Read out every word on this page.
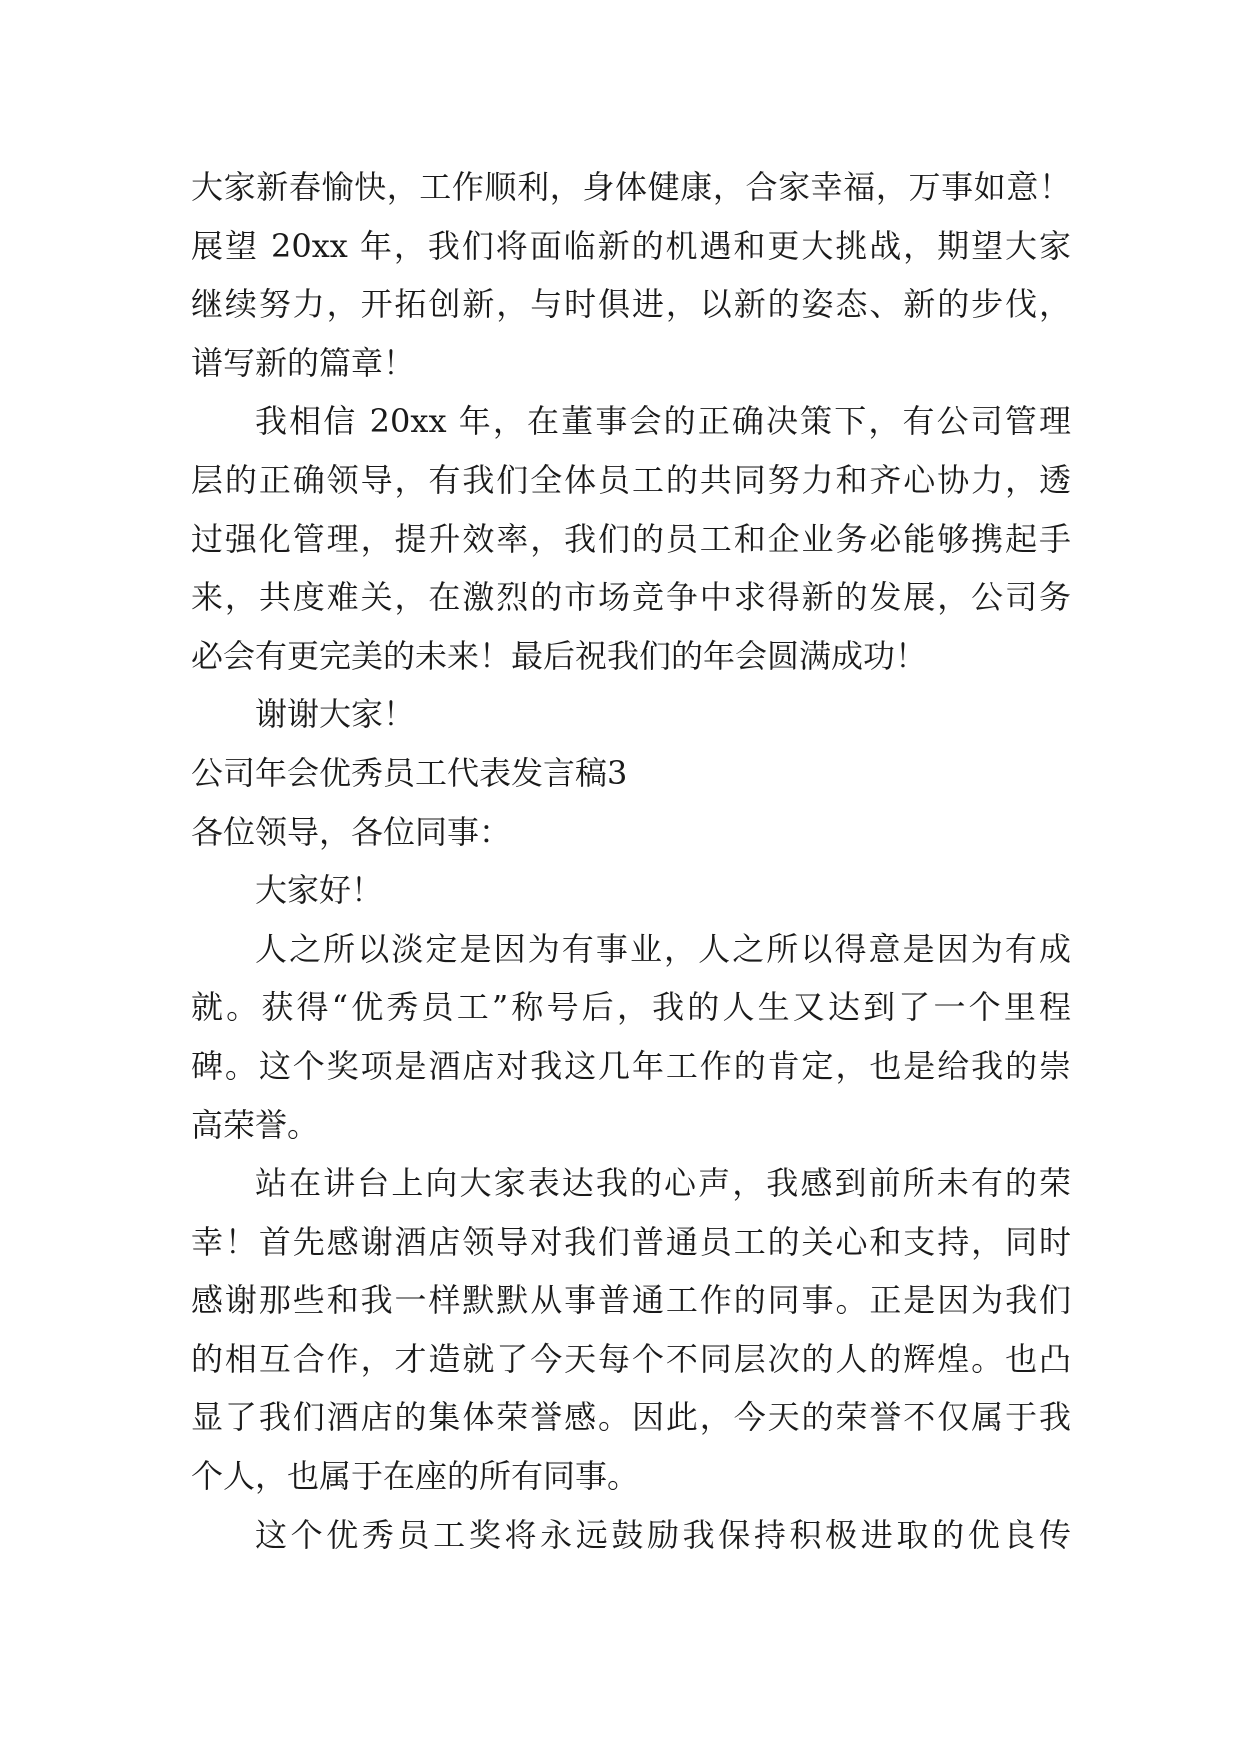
大家新春愉快，工作顺利，身体健康，合家幸福，万事如意！
展望 20xx 年，我们将面临新的机遇和更大挑战，期望大家
继续努力，开拓创新，与时俱进，以新的姿态、新的步伐，
谱写新的篇章！
我相信 20xx 年，在董事会的正确决策下，有公司管理
层的正确领导，有我们全体员工的共同努力和齐心协力，透
过强化管理，提升效率，我们的员工和企业务必能够携起手
来，共度难关，在激烈的市场竞争中求得新的发展，公司务
必会有更完美的未来！最后祝我们的年会圆满成功！
谢谢大家！
公司年会优秀员工代表发言稿3
各位领导，各位同事：
大家好！
人之所以淡定是因为有事业，人之所以得意是因为有成
就。获得“优秀员工”称号后，我的人生又达到了一个里程
碑。这个奖项是酒店对我这几年工作的肯定，也是给我的崇
高荣誉。
站在讲台上向大家表达我的心声，我感到前所未有的荣
幸！首先感谢酒店领导对我们普通员工的关心和支持，同时
感谢那些和我一样默默从事普通工作的同事。正是因为我们
的相互合作，才造就了今天每个不同层次的人的辉煌。也凸
显了我们酒店的集体荣誉感。因此，今天的荣誉不仅属于我
个人，也属于在座的所有同事。
这个优秀员工奖将永远鼓励我保持积极进取的优良传
